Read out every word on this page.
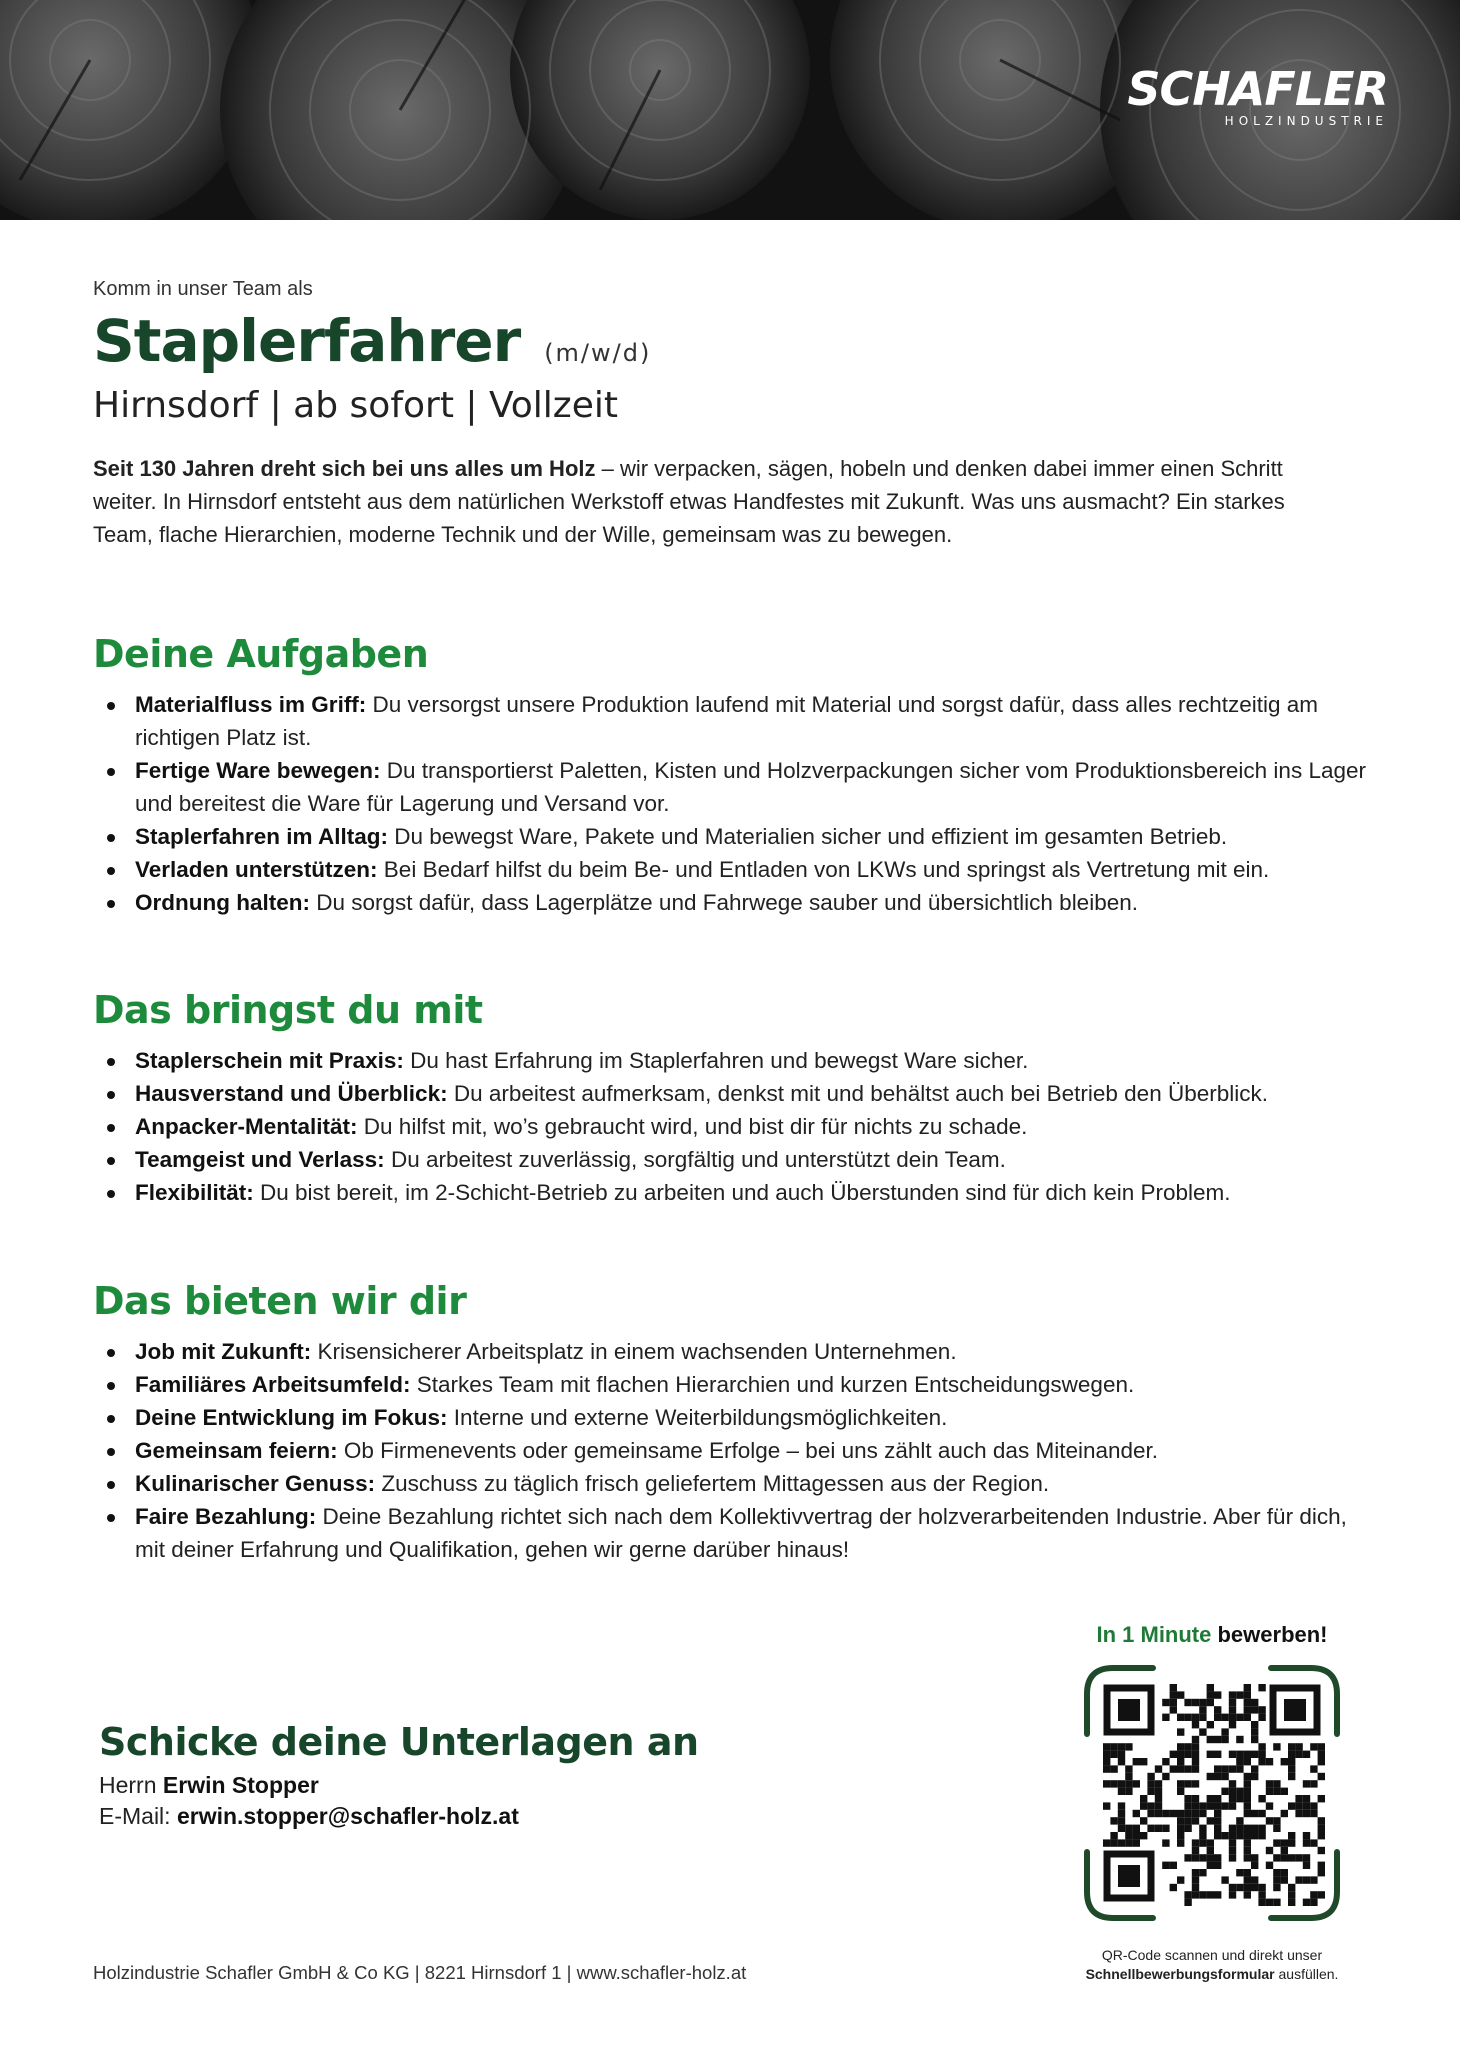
SCHAFLER
HOLZINDUSTRIE
Komm in unser Team als
Staplerfahrer (m/w/d)
Hirnsdorf | ab sofort | Vollzeit
Seit 130 Jahren dreht sich bei uns alles um Holz – wir verpacken, sägen, hobeln und denken dabei immer einen Schritt weiter. In Hirnsdorf entsteht aus dem natürlichen Werkstoff etwas Handfestes mit Zukunft. Was uns ausmacht? Ein starkes Team, flache Hierarchien, moderne Technik und der Wille, gemeinsam was zu bewegen.
Deine Aufgaben
Materialfluss im Griff: Du versorgst unsere Produktion laufend mit Material und sorgst dafür, dass alles rechtzeitig am richtigen Platz ist.
Fertige Ware bewegen: Du transportierst Paletten, Kisten und Holzverpackungen sicher vom Produktionsbereich ins Lager und bereitest die Ware für Lagerung und Versand vor.
Staplerfahren im Alltag: Du bewegst Ware, Pakete und Materialien sicher und effizient im gesamten Betrieb.
Verladen unterstützen: Bei Bedarf hilfst du beim Be- und Entladen von LKWs und springst als Vertretung mit ein.
Ordnung halten: Du sorgst dafür, dass Lagerplätze und Fahrwege sauber und übersichtlich bleiben.
Das bringst du mit
Staplerschein mit Praxis: Du hast Erfahrung im Staplerfahren und bewegst Ware sicher.
Hausverstand und Überblick: Du arbeitest aufmerksam, denkst mit und behältst auch bei Betrieb den Überblick.
Anpacker-Mentalität: Du hilfst mit, wo’s gebraucht wird, und bist dir für nichts zu schade.
Teamgeist und Verlass: Du arbeitest zuverlässig, sorgfältig und unterstützt dein Team.
Flexibilität: Du bist bereit, im 2-Schicht-Betrieb zu arbeiten und auch Überstunden sind für dich kein Problem.
Das bieten wir dir
Job mit Zukunft: Krisensicherer Arbeitsplatz in einem wachsenden Unternehmen.
Familiäres Arbeitsumfeld: Starkes Team mit flachen Hierarchien und kurzen Entscheidungswegen.
Deine Entwicklung im Fokus: Interne und externe Weiterbildungsmöglichkeiten.
Gemeinsam feiern: Ob Firmenevents oder gemeinsame Erfolge – bei uns zählt auch das Miteinander.
Kulinarischer Genuss: Zuschuss zu täglich frisch geliefertem Mittagessen aus der Region.
Faire Bezahlung: Deine Bezahlung richtet sich nach dem Kollektivvertrag der holzverarbeitenden Industrie. Aber für dich, mit deiner Erfahrung und Qualifikation, gehen wir gerne darüber hinaus!
Schicke deine Unterlagen an
Herrn Erwin Stopper
E-Mail: erwin.stopper@schafler-holz.at
In 1 Minute bewerben!
QR-Code scannen und direkt unser
Schnellbewerbungsformular ausfüllen.
Holzindustrie Schafler GmbH & Co KG | 8221 Hirnsdorf 1 | www.schafler-holz.at
